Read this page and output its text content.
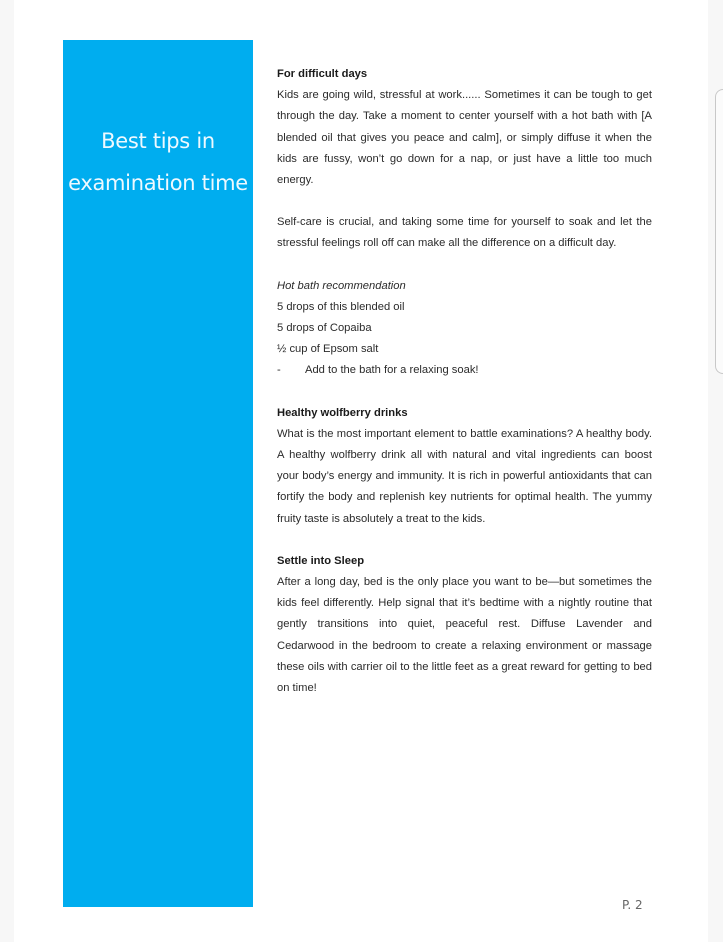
Best tips in
examination time
For difficult days

Kids are going wild, stressful at work...... Sometimes it can be tough to get through the day. Take a moment to center yourself with a hot bath with [A blended oil that gives you peace and calm], or simply diffuse it when the kids are fussy, won’t go down for a nap, or just have a little too much energy.

Self-care is crucial, and taking some time for yourself to soak and let the stressful feelings roll off can make all the difference on a difficult day.

Hot bath recommendation
5 drops of this blended oil
5 drops of Copaiba
½ cup of Epsom salt
-	Add to the bath for a relaxing soak!
Healthy wolfberry drinks

What is the most important element to battle examinations? A healthy body. A healthy wolfberry drink all with natural and vital ingredients can boost your body’s energy and immunity. It is rich in powerful antioxidants that can fortify the body and replenish key nutrients for optimal health. The yummy fruity taste is absolutely a treat to the kids.

Settle into Sleep

After a long day, bed is the only place you want to be—but sometimes the kids feel differently. Help signal that it’s bedtime with a nightly routine that gently transitions into quiet, peaceful rest. Diffuse Lavender and Cedarwood in the bedroom to create a relaxing environment or massage these oils with carrier oil to the little feet as a great reward for getting to bed on time!

P. 2
